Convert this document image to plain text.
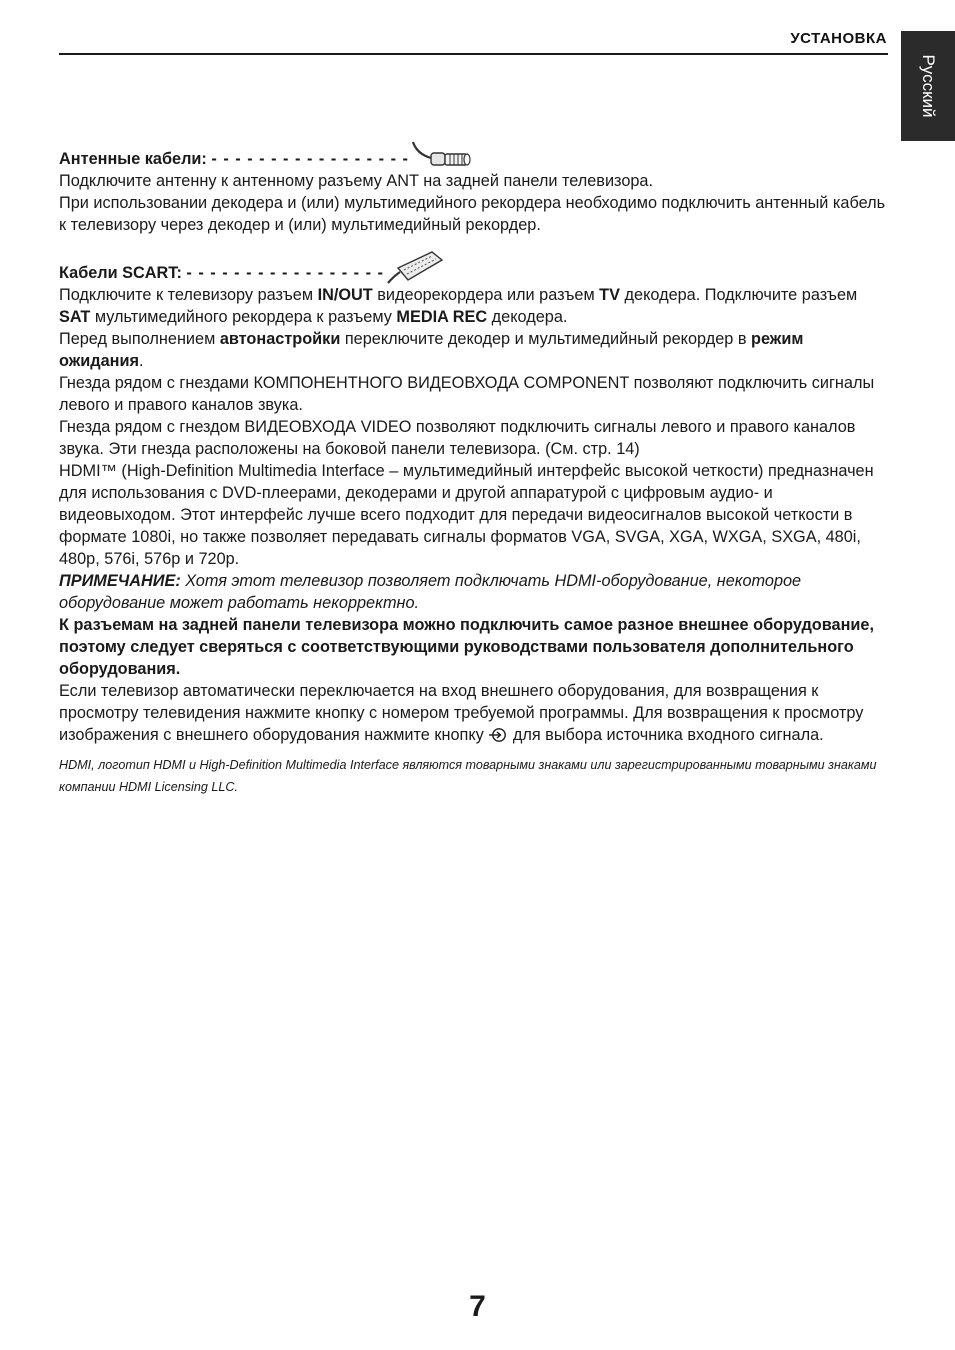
УСТАНОВКА
Русский
Антенные кабели:
- - - - - - - - - - - - - - - - -

Подключите антенну к антенному разъему ANT на задней панели телевизора.

При использовании декодера и (или) мультимедийного рекордера необходимо подключить антенный кабель к телевизору через декодер и (или) мультимедийный рекордер.

Кабели SCART:
- - - - - - - - - - - - - - - - -

Подключите к телевизору разъем IN/OUT видеорекордера или разъем TV декодера. Подключите разъем SAT мультимедийного рекордера к разъему MEDIA REC декодера.

Перед выполнением автонастройки переключите декодер и мультимедийный рекордер в режим ожидания.

Гнезда рядом с гнездами КОМПОНЕНТНОГО ВИДЕОВХОДА COMPONENT позволяют подключить сигналы левого и правого каналов звука.

Гнезда рядом с гнездом ВИДЕОВХОДА VIDEO позволяют подключить сигналы левого и правого каналов звука. Эти гнезда расположены на боковой панели телевизора. (См. стр. 14)

HDMI™ (High-Definition Multimedia Interface – мультимедийный интерфейс высокой четкости) предназначен для использования с DVD-плеерами, декодерами и другой аппаратурой с цифровым аудио- и видеовыходом. Этот интерфейс лучше всего подходит для передачи видеосигналов высокой четкости в формате 1080i, но также позволяет передавать сигналы форматов VGA, SVGA, XGA, WXGA, SXGA, 480i, 480p, 576i, 576p и 720p.

ПРИМЕЧАНИЕ: Хотя этот телевизор позволяет подключать HDMI-оборудование, некоторое оборудование может работать некорректно.

К разъемам на задней панели телевизора можно подключить самое разное внешнее оборудование, поэтому следует сверяться с соответствующими руководствами пользователя дополнительного оборудования.

Если телевизор автоматически переключается на вход внешнего оборудования, для возвращения к просмотру телевидения нажмите кнопку с номером требуемой программы. Для возвращения к просмотру изображения с внешнего оборудования нажмите кнопку  для выбора источника входного сигнала.

HDMI, логотип HDMI и High-Definition Multimedia Interface являются товарными знаками или зарегистрированными товарными знаками компании HDMI Licensing LLC.

7
